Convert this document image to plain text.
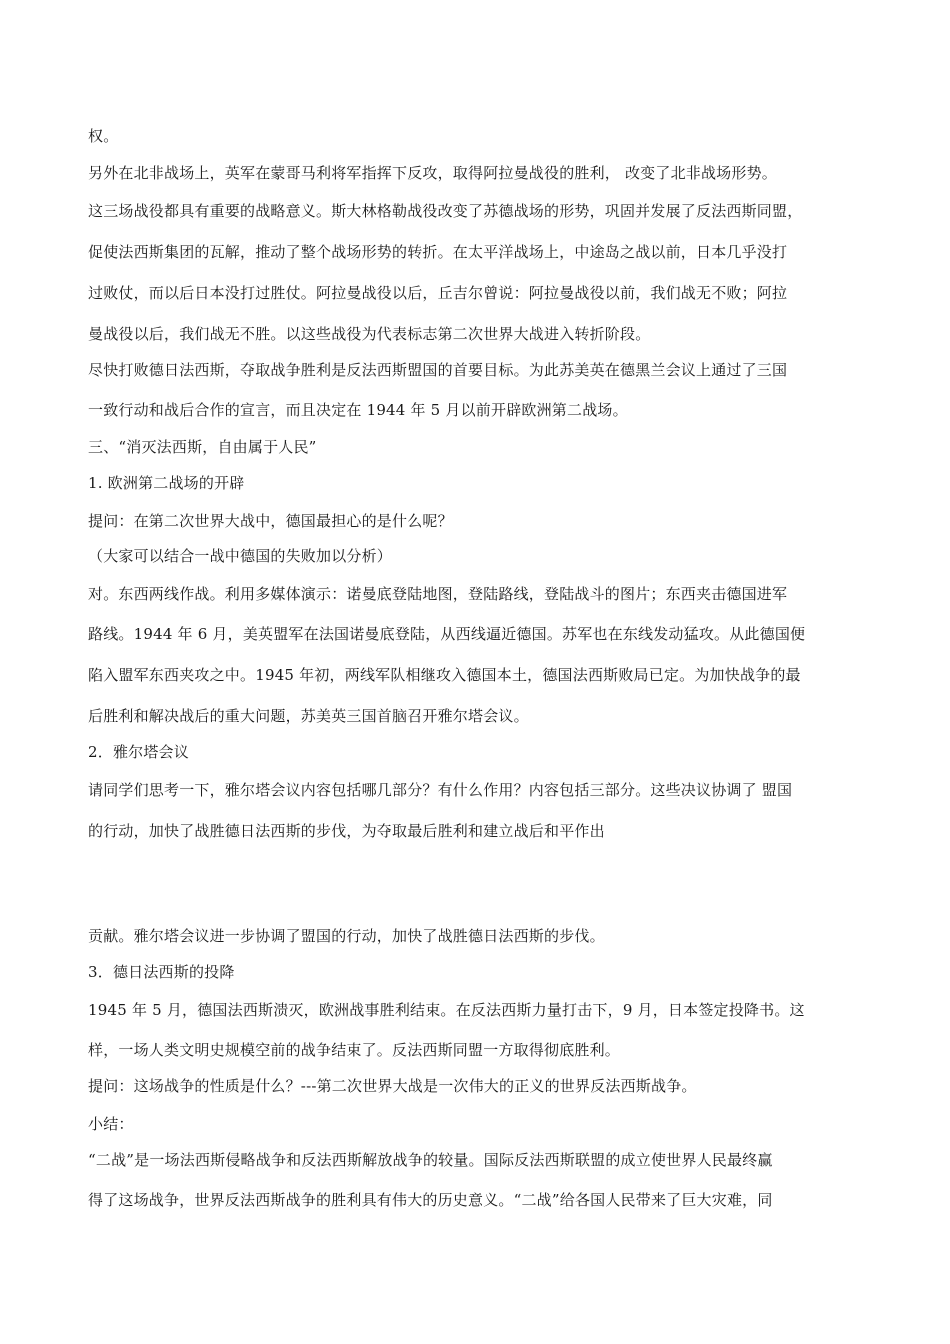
权。
另外在北非战场上，英军在蒙哥马利将军指挥下反攻，取得阿拉曼战役的胜利， 改变了北非战场形势。
这三场战役都具有重要的战略意义。斯大林格勒战役改变了苏德战场的形势，巩固并发展了反法西斯同盟，
促使法西斯集团的瓦解，推动了整个战场形势的转折。在太平洋战场上，中途岛之战以前，日本几乎没打
过败仗，而以后日本没打过胜仗。阿拉曼战役以后，丘吉尔曾说：阿拉曼战役以前，我们战无不败；阿拉
曼战役以后，我们战无不胜。以这些战役为代表标志第二次世界大战进入转折阶段。
尽快打败德日法西斯，夺取战争胜利是反法西斯盟国的首要目标。为此苏美英在德黑兰会议上通过了三国
一致行动和战后合作的宣言，而且决定在 1944 年 5 月以前开辟欧洲第二战场。
三、“消灭法西斯，自由属于人民”
1. 欧洲第二战场的开辟
提问：在第二次世界大战中，德国最担心的是什么呢？
（大家可以结合一战中德国的失败加以分析）
对。东西两线作战。利用多媒体演示：诺曼底登陆地图，登陆路线，登陆战斗的图片；东西夹击德国进军
路线。1944 年 6 月，美英盟军在法国诺曼底登陆，从西线逼近德国。苏军也在东线发动猛攻。从此德国便
陷入盟军东西夹攻之中。1945 年初，两线军队相继攻入德国本土，德国法西斯败局已定。为加快战争的最
后胜利和解决战后的重大问题，苏美英三国首脑召开雅尔塔会议。
2．雅尔塔会议
请同学们思考一下，雅尔塔会议内容包括哪几部分？有什么作用？内容包括三部分。这些决议协调了 盟国
的行动，加快了战胜德日法西斯的步伐，为夺取最后胜利和建立战后和平作出
贡献。雅尔塔会议进一步协调了盟国的行动，加快了战胜德日法西斯的步伐。
3．德日法西斯的投降
1945 年 5 月，德国法西斯溃灭，欧洲战事胜利结束。在反法西斯力量打击下，9 月，日本签定投降书。这
样，一场人类文明史规模空前的战争结束了。反法西斯同盟一方取得彻底胜利。
提问：这场战争的性质是什么？---第二次世界大战是一次伟大的正义的世界反法西斯战争。
小结：
“二战”是一场法西斯侵略战争和反法西斯解放战争的较量。国际反法西斯联盟的成立使世界人民最终赢
得了这场战争，世界反法西斯战争的胜利具有伟大的历史意义。“二战”给各国人民带来了巨大灾难，同
